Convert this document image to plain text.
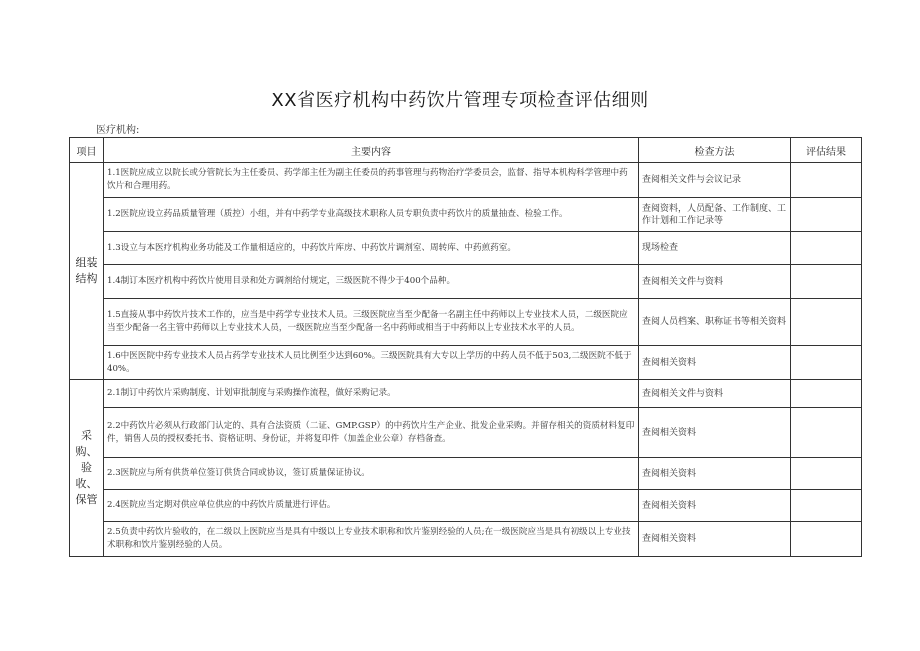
XX省医疗机构中药饮片管理专项检查评估细则
医疗机构:
项目	主要内容	检查方法	评估结果

组装
结构	1.1医院应成立以院长或分管院长为主任委员、药学部主任为副主任委员的药事管理与药物治疗学委员会，监督、指导本机构科学管理中药饮片和合理用药。	查阅相关文件与会议记录	
	1.2医院应设立药品质量管理（质控）小组，并有中药学专业高级技术职称人员专职负责中药饮片的质量抽查、检验工作。	查阅资料，人员配备、工作制度、工作计划和工作记录等	
	1.3设立与本医疗机构业务功能及工作量相适应的，中药饮片库房、中药饮片调剂室、周转库、中药煎药室。	现场检查	
	1.4制订本医疗机构中药饮片使用目录和处方调剂给付规定，三级医院不得少于400个品种。	查阅相关文件与资料	
	1.5直接从事中药饮片技术工作的，应当是中药学专业技术人员。三级医院应当至少配备一名副主任中药师以上专业技术人员，二级医院应当至少配备一名主管中药师以上专业技术人员，一级医院应当至少配备一名中药师或相当于中药师以上专业技术水平的人员。	查阅人员档案、职称证书等相关资料	
	1.6中医医院中药专业技术人员占药学专业技术人员比例至少达到60%。三级医院具有大专以上学历的中药人员不低于503,二级医院不低于40%。	查阅相关资料	

采购、
验收、
保管	2.1制订中药饮片采购制度、计划审批制度与采购操作流程，做好采购记录。	查阅相关文件与资料	
	2.2中药饮片必须从行政部门认定的、具有合法资质（二证、GMP.GSP）的中药饮片生产企业、批发企业采购。并留存相关的资质材料复印件，销售人员的授权委托书、资格证明、身份证，并将复印件（加盖企业公章）存档备查。	查阅相关资料	
	2.3医院应与所有供货单位签订供货合同或协议，签订质量保证协议。	查阅相关资料	
	2.4医院应当定期对供应单位供应的中药饮片质量进行评估。	查阅相关资料	
	2.5负责中药饮片验收的，在二级以上医院应当是具有中级以上专业技术职称和饮片鉴别经验的人员;在一级医院应当是具有初级以上专业技术职称和饮片鉴别经验的人员。	查阅相关资料	
